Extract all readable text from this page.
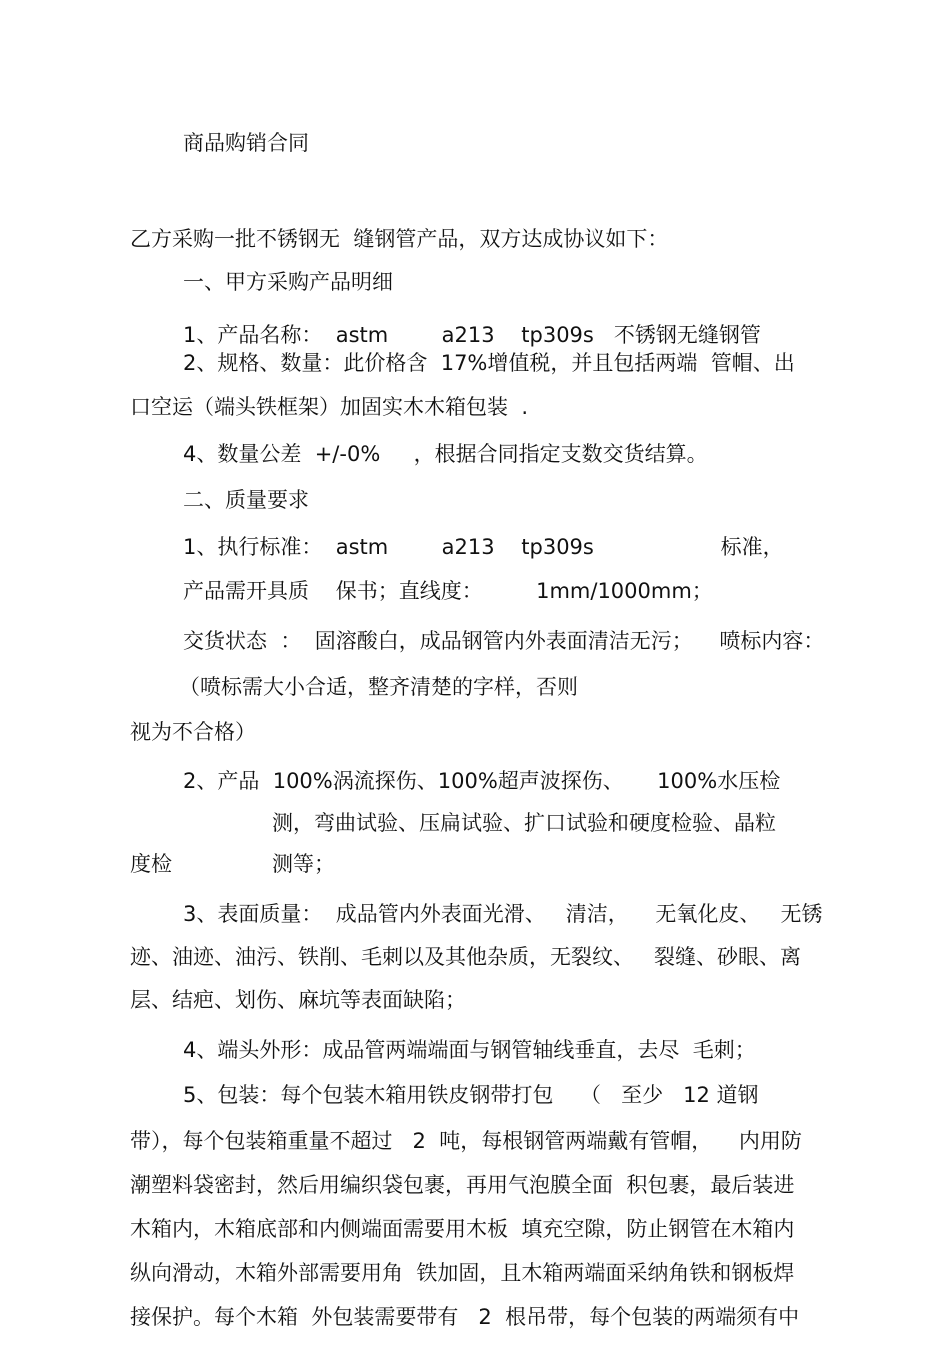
商品购销合同

乙方采购一批不锈钢无  缝钢管产品，双方达成协议如下：

一、甲方采购产品明细

1、产品名称：  astm        a213    tp309s   不锈钢无缝钢管

2、规格、数量：此价格含  17%增值税，并且包括两端  管帽、出

口空运（端头铁框架）加固实木木箱包装  .

4、数量公差  +/-0%     ，根据合同指定支数交货结算。

二、质量要求

1、执行标准：  astm        a213    tp309s                   标准，

产品需开具质    保书；直线度：        1mm/1000mm；

交货状态  ：  固溶酸白，成品钢管内外表面清洁无污；    喷标内容：

（喷标需大小合适，整齐清楚的字样，否则

视为不合格）

2、产品  100%涡流探伤、100%超声波探伤、     100%水压检

测，弯曲试验、压扁试验、扩口试验和硬度检验、晶粒

度检	测等；

3、表面质量：  成品管内外表面光滑、   清洁，    无氧化皮、   无锈

迹、油迹、油污、铁削、毛刺以及其他杂质，无裂纹、   裂缝、砂眼、离

层、结疤、划伤、麻坑等表面缺陷；

4、端头外形：成品管两端端面与钢管轴线垂直，去尽  毛刺；

5、包装：每个包装木箱用铁皮钢带打包    （   至少   12 道钢

带），每个包装箱重量不超过   2  吨，每根钢管两端戴有管帽，    内用防

潮塑料袋密封，然后用编织袋包裹，再用气泡膜全面  积包裹，最后装进

木箱内，木箱底部和内侧端面需要用木板  填充空隙，防止钢管在木箱内

纵向滑动，木箱外部需要用角  铁加固，且木箱两端面采纳角铁和钢板焊

接保护。每个木箱  外包装需要带有   2  根吊带，每个包装的两端须有中
